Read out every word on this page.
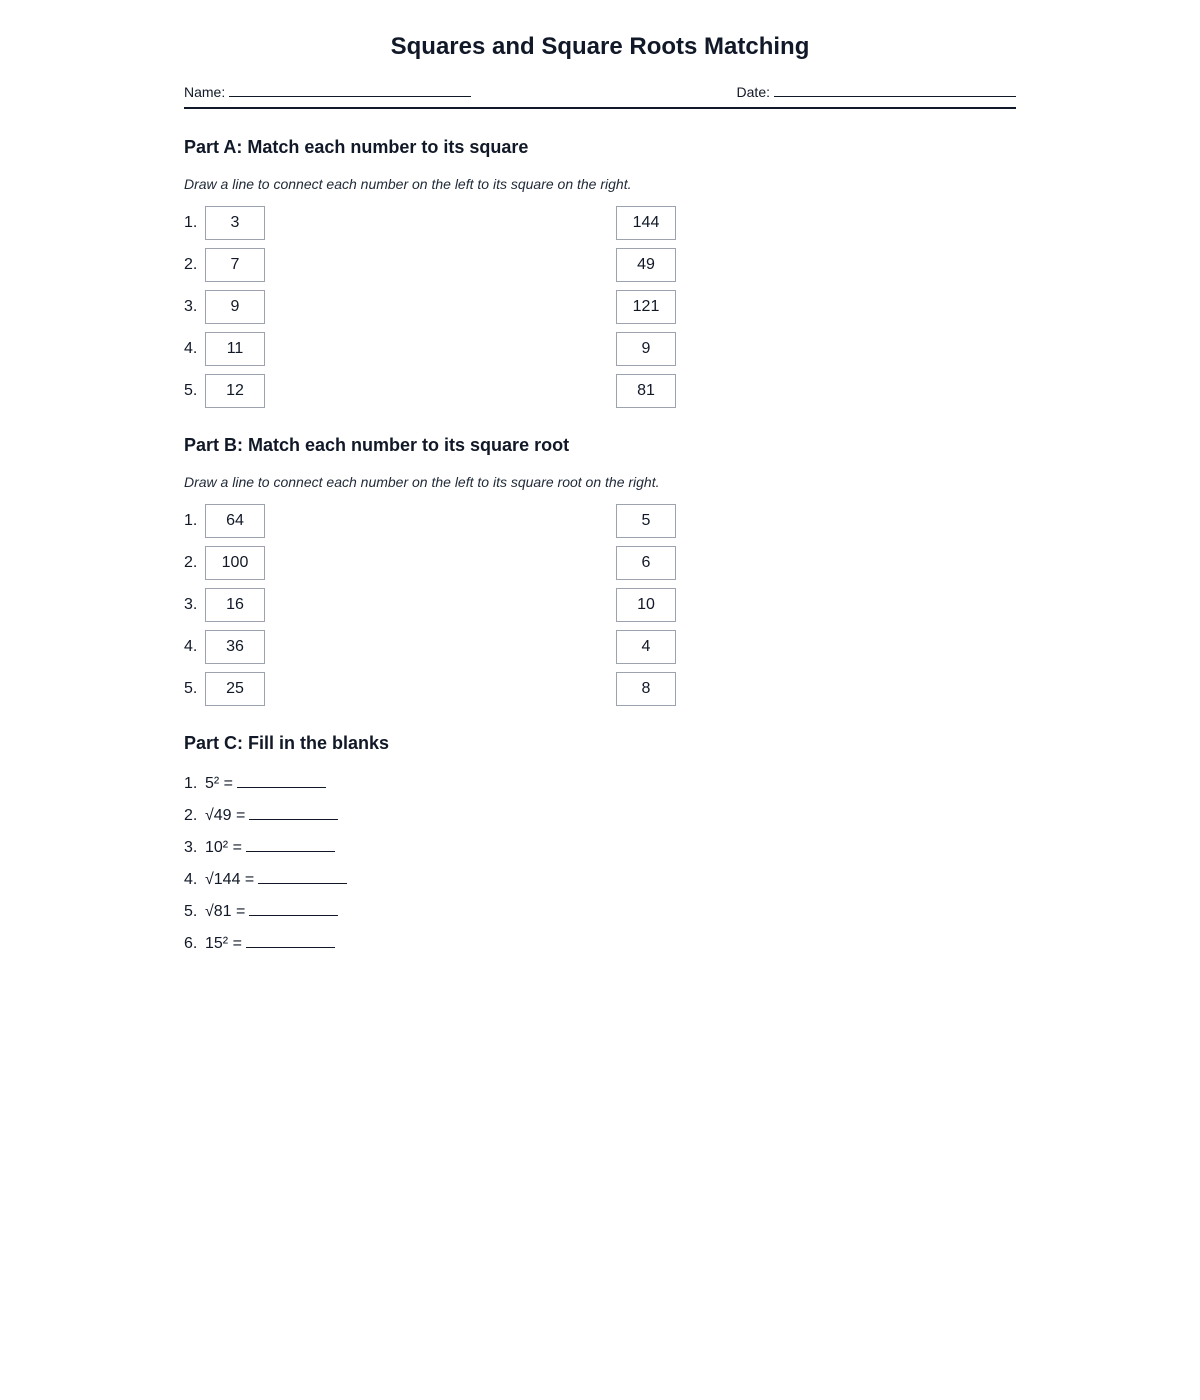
Squares and Square Roots Matching
Name:	Date:
Part A: Match each number to its square
Draw a line to connect each number on the left to its square on the right.
1.	3	144
2.	7	49
3.	9	121
4.	11	9
5.	12	81
Part B: Match each number to its square root
Draw a line to connect each number on the left to its square root on the right.
1.	64	5
2.	100	6
3.	16	10
4.	36	4
5.	25	8
Part C: Fill in the blanks
1. 5² =
2. √49 =
3. 10² =
4. √144 =
5. √81 =
6. 15² =
